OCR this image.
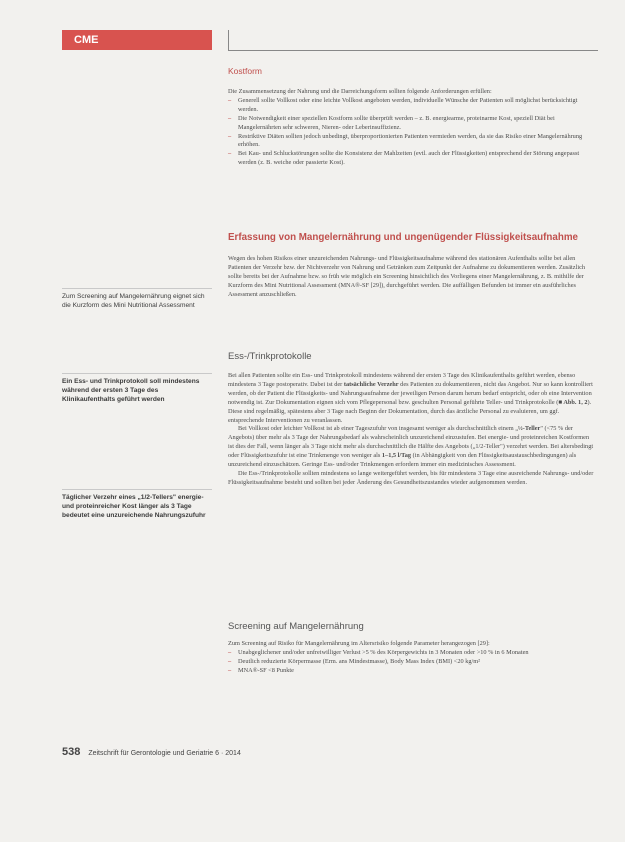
CME
Kostform

Die Zusammensetzung der Nahrung und die Darreichungsform sollten folgende Anforderungen erfüllen:

– Generell sollte Vollkost oder eine leichte Vollkost angeboten werden, individuelle Wünsche der Patienten soll möglichst berücksichtigt werden.
– Die Notwendigkeit einer speziellen Kostform sollte überprüft werden – z. B. energiearme, proteinarme Kost, speziell Diät bei Mangelernährten sehr schweren, Nieren- oder Leberinsuffizienz.
– Restriktive Diäten sollten jedoch unbedingt, überproportionierten Patienten vermieden werden, da sie das Risiko einer Mangelernährung erhöhen.
– Bei Kau- und Schluckstörungen sollte die Konsistenz der Mahlzeiten (evtl. auch der Flüssigkeiten) entsprechend der Störung angepasst werden (z. B. weiche oder passierte Kost).
Erfassung von Mangelernährung und ungenügender Flüssigkeitsaufnahme
Wegen des hohen Risikos einer unzureichenden Nahrungs- und Flüssigkeitsaufnahme während des stationären Aufenthalts sollte bei allen Patienten der Verzehr bzw. der Nichtverzehr von Nahrung und Getränken zum Zeitpunkt der Aufnahme zu dokumentieren werden. Zusätzlich sollte bereits bei der Aufnahme bzw. so früh wie möglich ein Screening hinsichtlich des Vorliegens einer Mangelernährung, z. B. mithilfe der Kurzform des Mini Nutritional Assessment (MNA®-SF [29]), durchgeführt werden. Die auffälligen Befunden ist immer ein ausführliches Assessment anzuschließen.
Ess-/Trinkprotokolle

Bei allen Patienten sollte ein Ess- und Trinkprotokoll mindestens während der ersten 3 Tage des Klinikaufenthalts geführt werden, ebenso mindestens 3 Tage postoperativ. Dabei ist der tatsächliche Verzehr des Patienten zu dokumentieren, nicht das Angebot. Nur so kann kontrolliert werden, ob der Patient die Flüssigkeits- und Nahrungsaufnahme der jeweiligen Person darum herum bedarf entspricht, oder ob eine Intervention notwendig ist. Zur Dokumentation eignen sich vom Pflegepersonal bzw. geschulten Personal geführte Teller- und Trinkprotokolle (■ Abb. 1, 2). Diese sind regelmäßig, spätestens aber 3 Tage nach Beginn der Dokumentation, durch das ärztliche Personal zu evaluieren, um ggf. entsprechende Interventionen zu veranlassen.

Bei Vollkost oder leichter Vollkost ist ab einer Tageszufuhr von insgesamt weniger als durchschnittlich einem „½-Teller" (<75 % der Angebots) über mehr als 3 Tage der Nahrungsbedarf als wahrscheinlich unzureichend einzustufen. Bei energie- und proteinreichen Kostformen ist dies der Fall, wenn länger als 3 Tage nicht mehr als durchschnittlich die Hälfte des Angebots („1/2-Teller") verzehrt werden. Bei altersbedingt oder Flüssigkeitszufuhr ist eine Trinkmenge von weniger als 1–1,5 l/Tag (in Abhängigkeit von den Flüssigkeitsaustauschbedingungen) als unzureichend einzuschätzen. Geringe Ess- und/oder Trinkmengen erfordern immer ein medizinisches Assessment.

Die Ess-/Trinkprotokolle sollten mindestens so lange weitergeführt werden, bis für mindestens 3 Tage eine ausreichende Nahrungs- und/oder Flüssigkeitsaufnahme besteht und sollten bei jeder Änderung des Gesundheitszustandes wieder aufgenommen werden.

Screening auf Mangelernährung

Zum Screening auf Risiko für Mangelernährung im Altersrisiko folgende Parameter herangezogen [29]:

– Unabgeglichener und/oder unfreiwilliger Verlust >5 % des Körpergewichts in 3 Monaten oder >10 % in 6 Monaten
– Deutlich reduzierte Körpermasse (Erm. ans Mindestmasse), Body Mass Index (BMI) <20 kg/m²
– MNA®-SF <8 Punkte
Zum Screening auf Mangelernährung eignet sich die Kurzform des Mini Nutritional Assessment
Ein Ess- und Trinkprotokoll soll mindestens während der ersten 3 Tage des Klinikaufenthalts geführt werden
Täglicher Verzehr eines „1/2-Tellers" energie- und proteinreicher Kost länger als 3 Tage bedeutet eine unzureichende Nahrungszufuhr
538 Zeitschrift für Gerontologie und Geriatrie 6 · 2014
